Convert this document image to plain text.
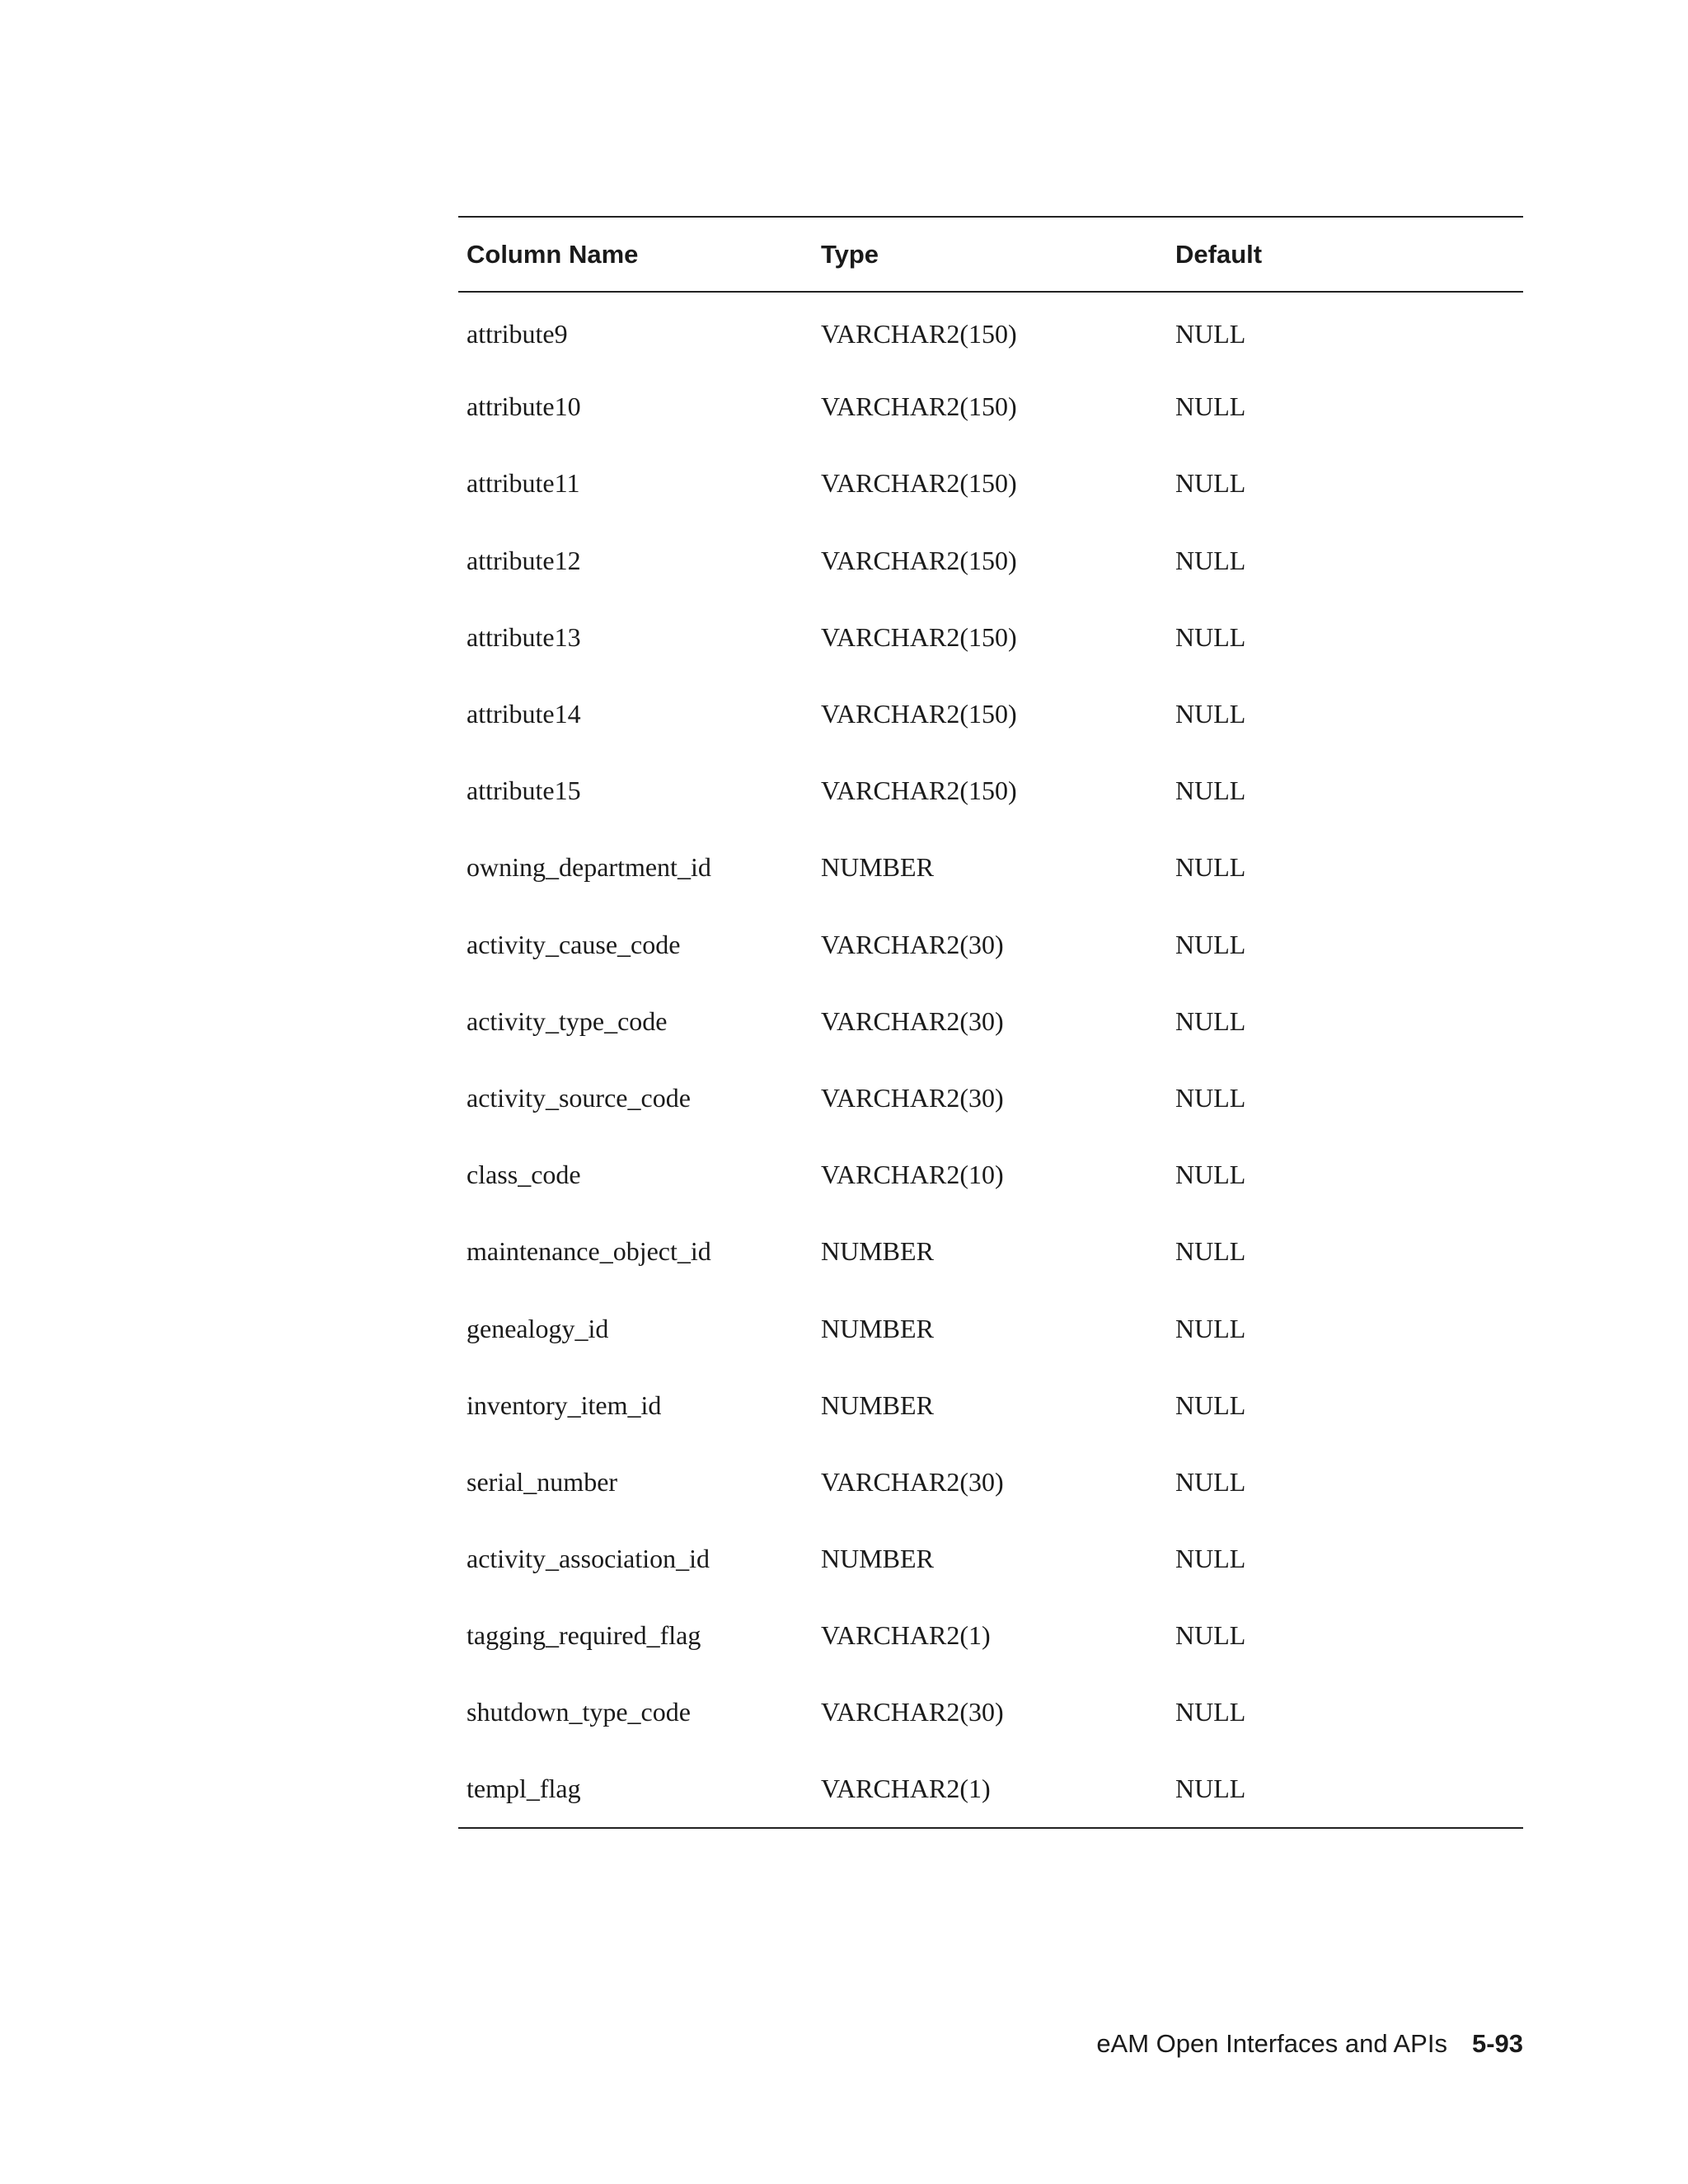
Column Name	Type	Default
attribute9	VARCHAR2(150)	NULL
attribute10	VARCHAR2(150)	NULL
attribute11	VARCHAR2(150)	NULL
attribute12	VARCHAR2(150)	NULL
attribute13	VARCHAR2(150)	NULL
attribute14	VARCHAR2(150)	NULL
attribute15	VARCHAR2(150)	NULL
owning_department_id	NUMBER	NULL
activity_cause_code	VARCHAR2(30)	NULL
activity_type_code	VARCHAR2(30)	NULL
activity_source_code	VARCHAR2(30)	NULL
class_code	VARCHAR2(10)	NULL
maintenance_object_id	NUMBER	NULL
genealogy_id	NUMBER	NULL
inventory_item_id	NUMBER	NULL
serial_number	VARCHAR2(30)	NULL
activity_association_id	NUMBER	NULL
tagging_required_flag	VARCHAR2(1)	NULL
shutdown_type_code	VARCHAR2(30)	NULL
templ_flag	VARCHAR2(1)	NULL
eAM Open Interfaces and APIs 5-93
